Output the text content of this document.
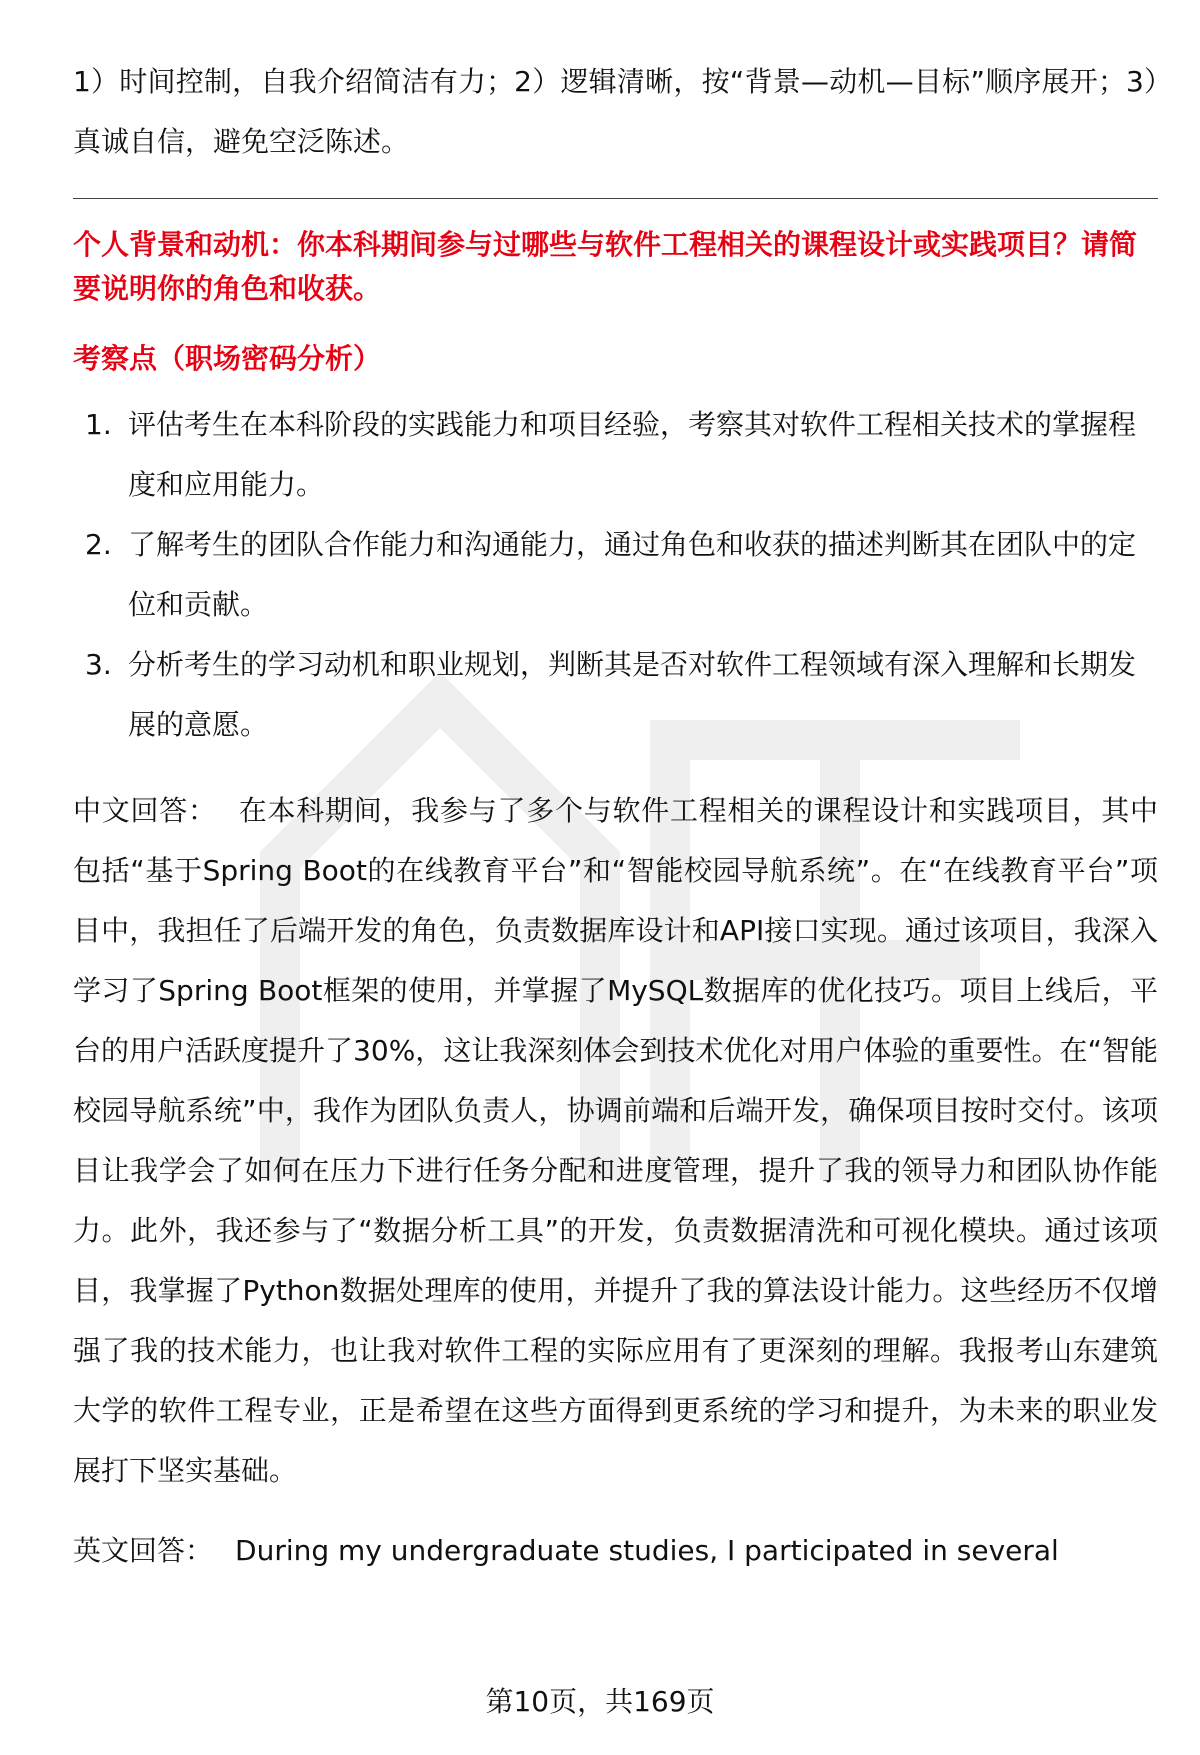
1）时间控制，自我介绍简洁有力；2）逻辑清晰，按“背景—动机—目标”顺序展开；3）真诚自信，避免空泛陈述。

个人背景和动机：你本科期间参与过哪些与软件工程相关的课程设计或实践项目？请简要说明你的角色和收获。

考察点（职场密码分析）

1. 评估考生在本科阶段的实践能力和项目经验，考察其对软件工程相关技术的掌握程度和应用能力。
2. 了解考生的团队合作能力和沟通能力，通过角色和收获的描述判断其在团队中的定位和贡献。
3. 分析考生的学习动机和职业规划，判断其是否对软件工程领域有深入理解和长期发展的意愿。

中文回答： 在本科期间，我参与了多个与软件工程相关的课程设计和实践项目，其中包括“基于Spring Boot的在线教育平台”和“智能校园导航系统”。在“在线教育平台”项目中，我担任了后端开发的角色，负责数据库设计和API接口实现。通过该项目，我深入学习了Spring Boot框架的使用，并掌握了MySQL数据库的优化技巧。项目上线后，平台的用户活跃度提升了30%，这让我深刻体会到技术优化对用户体验的重要性。在“智能校园导航系统”中，我作为团队负责人，协调前端和后端开发，确保项目按时交付。该项目让我学会了如何在压力下进行任务分配和进度管理，提升了我的领导力和团队协作能力。此外，我还参与了“数据分析工具”的开发，负责数据清洗和可视化模块。通过该项目，我掌握了Python数据处理库的使用，并提升了我的算法设计能力。这些经历不仅增强了我的技术能力，也让我对软件工程的实际应用有了更深刻的理解。我报考山东建筑大学的软件工程专业，正是希望在这些方面得到更系统的学习和提升，为未来的职业发展打下坚实基础。

英文回答： During my undergraduate studies, I participated in several

第10页，共169页
